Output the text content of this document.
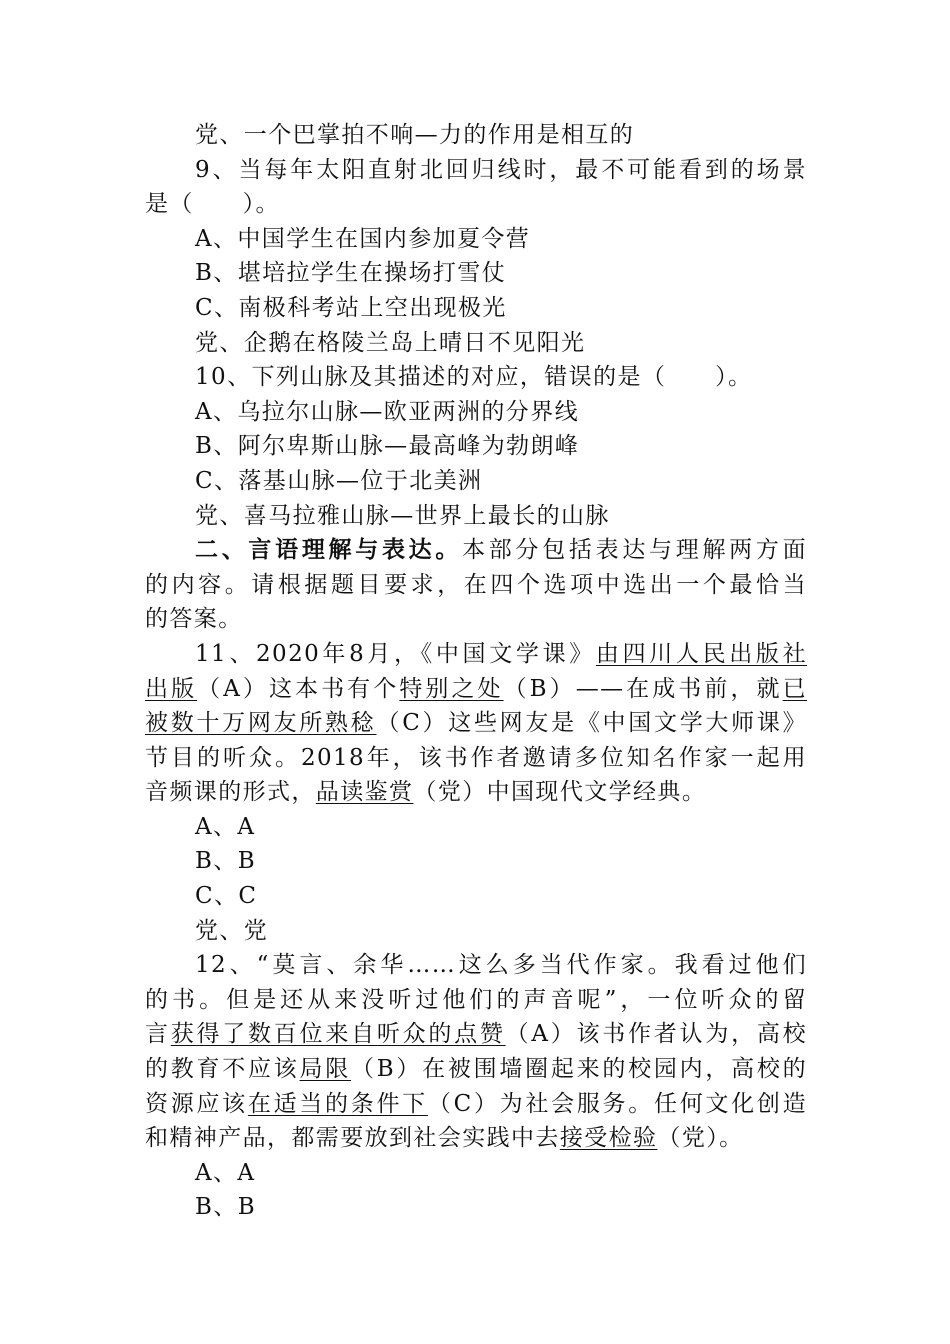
党、一个巴掌拍不响—力的作用是相互的
9、当每年太阳直射北回归线时，最不可能看到的场景
是（　　）。
A、中国学生在国内参加夏令营
B、堪培拉学生在操场打雪仗
C、南极科考站上空出现极光
党、企鹅在格陵兰岛上晴日不见阳光
10、下列山脉及其描述的对应，错误的是（　　）。
A、乌拉尔山脉—欧亚两洲的分界线
B、阿尔卑斯山脉—最高峰为勃朗峰
C、落基山脉—位于北美洲
党、喜马拉雅山脉—世界上最长的山脉
二、言语理解与表达。本部分包括表达与理解两方面
的内容。请根据题目要求，在四个选项中选出一个最恰当
的答案。
11、2020年8月，《中国文学课》由四川人民出版社
出版（A）这本书有个特别之处（B）——在成书前，就已
被数十万网友所熟稔（C）这些网友是《中国文学大师课》
节目的听众。2018年，该书作者邀请多位知名作家一起用
音频课的形式，品读鉴赏（党）中国现代文学经典。
A、A
B、B
C、C
党、党
12、“莫言、余华……这么多当代作家。我看过他们
的书。但是还从来没听过他们的声音呢”，一位听众的留
言获得了数百位来自听众的点赞（A）该书作者认为，高校
的教育不应该局限（B）在被围墙圈起来的校园内，高校的
资源应该在适当的条件下（C）为社会服务。任何文化创造
和精神产品，都需要放到社会实践中去接受检验（党）。
A、A
B、B
